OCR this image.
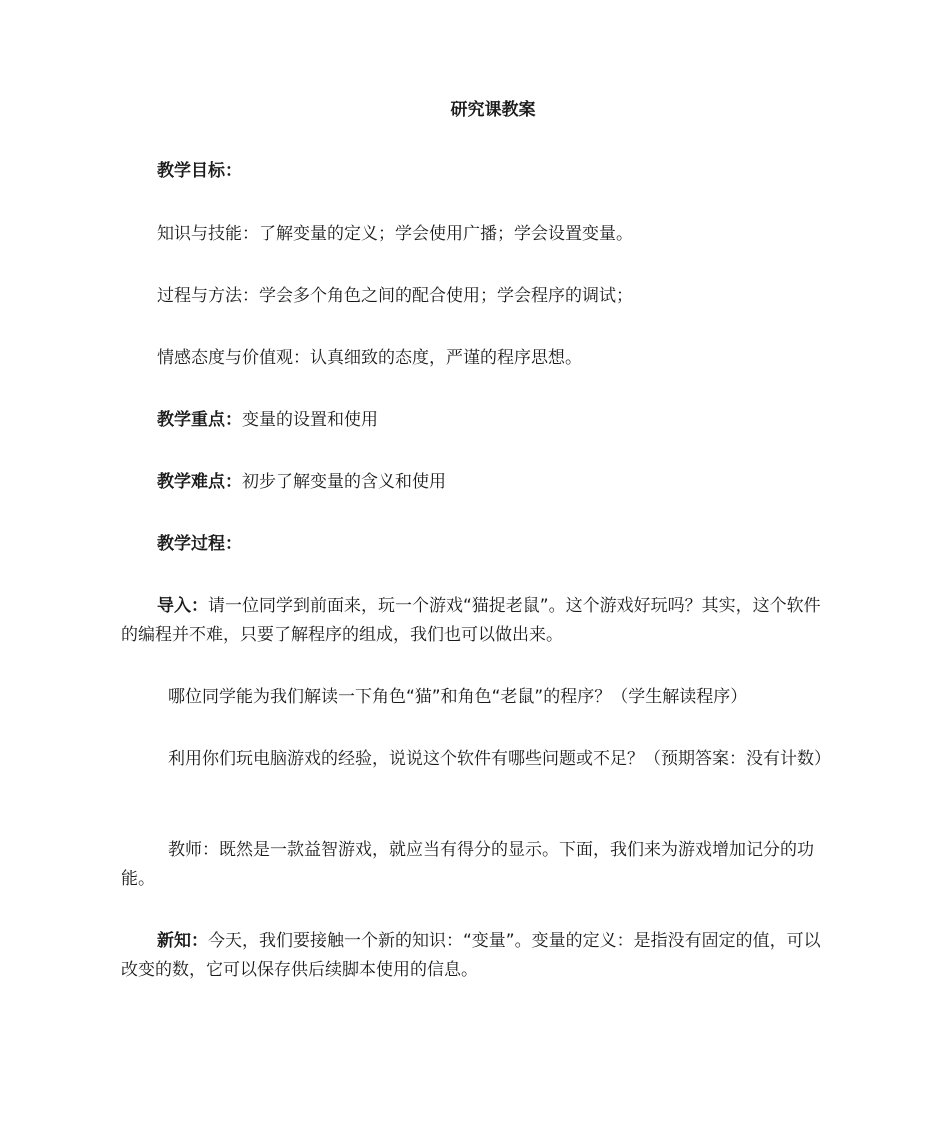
研究课教案
教学目标：
知识与技能：了解变量的定义；学会使用广播；学会设置变量。
过程与方法：学会多个角色之间的配合使用；学会程序的调试；
情感态度与价值观：认真细致的态度，严谨的程序思想。
教学重点：变量的设置和使用
教学难点：初步了解变量的含义和使用
教学过程：
导入：请一位同学到前面来，玩一个游戏“猫捉老鼠”。这个游戏好玩吗？其实，这个软件的编程并不难，只要了解程序的组成，我们也可以做出来。
哪位同学能为我们解读一下角色“猫”和角色“老鼠”的程序？（学生解读程序）
利用你们玩电脑游戏的经验，说说这个软件有哪些问题或不足？（预期答案：没有计数）
教师：既然是一款益智游戏，就应当有得分的显示。下面，我们来为游戏增加记分的功能。
新知：今天，我们要接触一个新的知识：“变量”。变量的定义：是指没有固定的值，可以改变的数，它可以保存供后续脚本使用的信息。
